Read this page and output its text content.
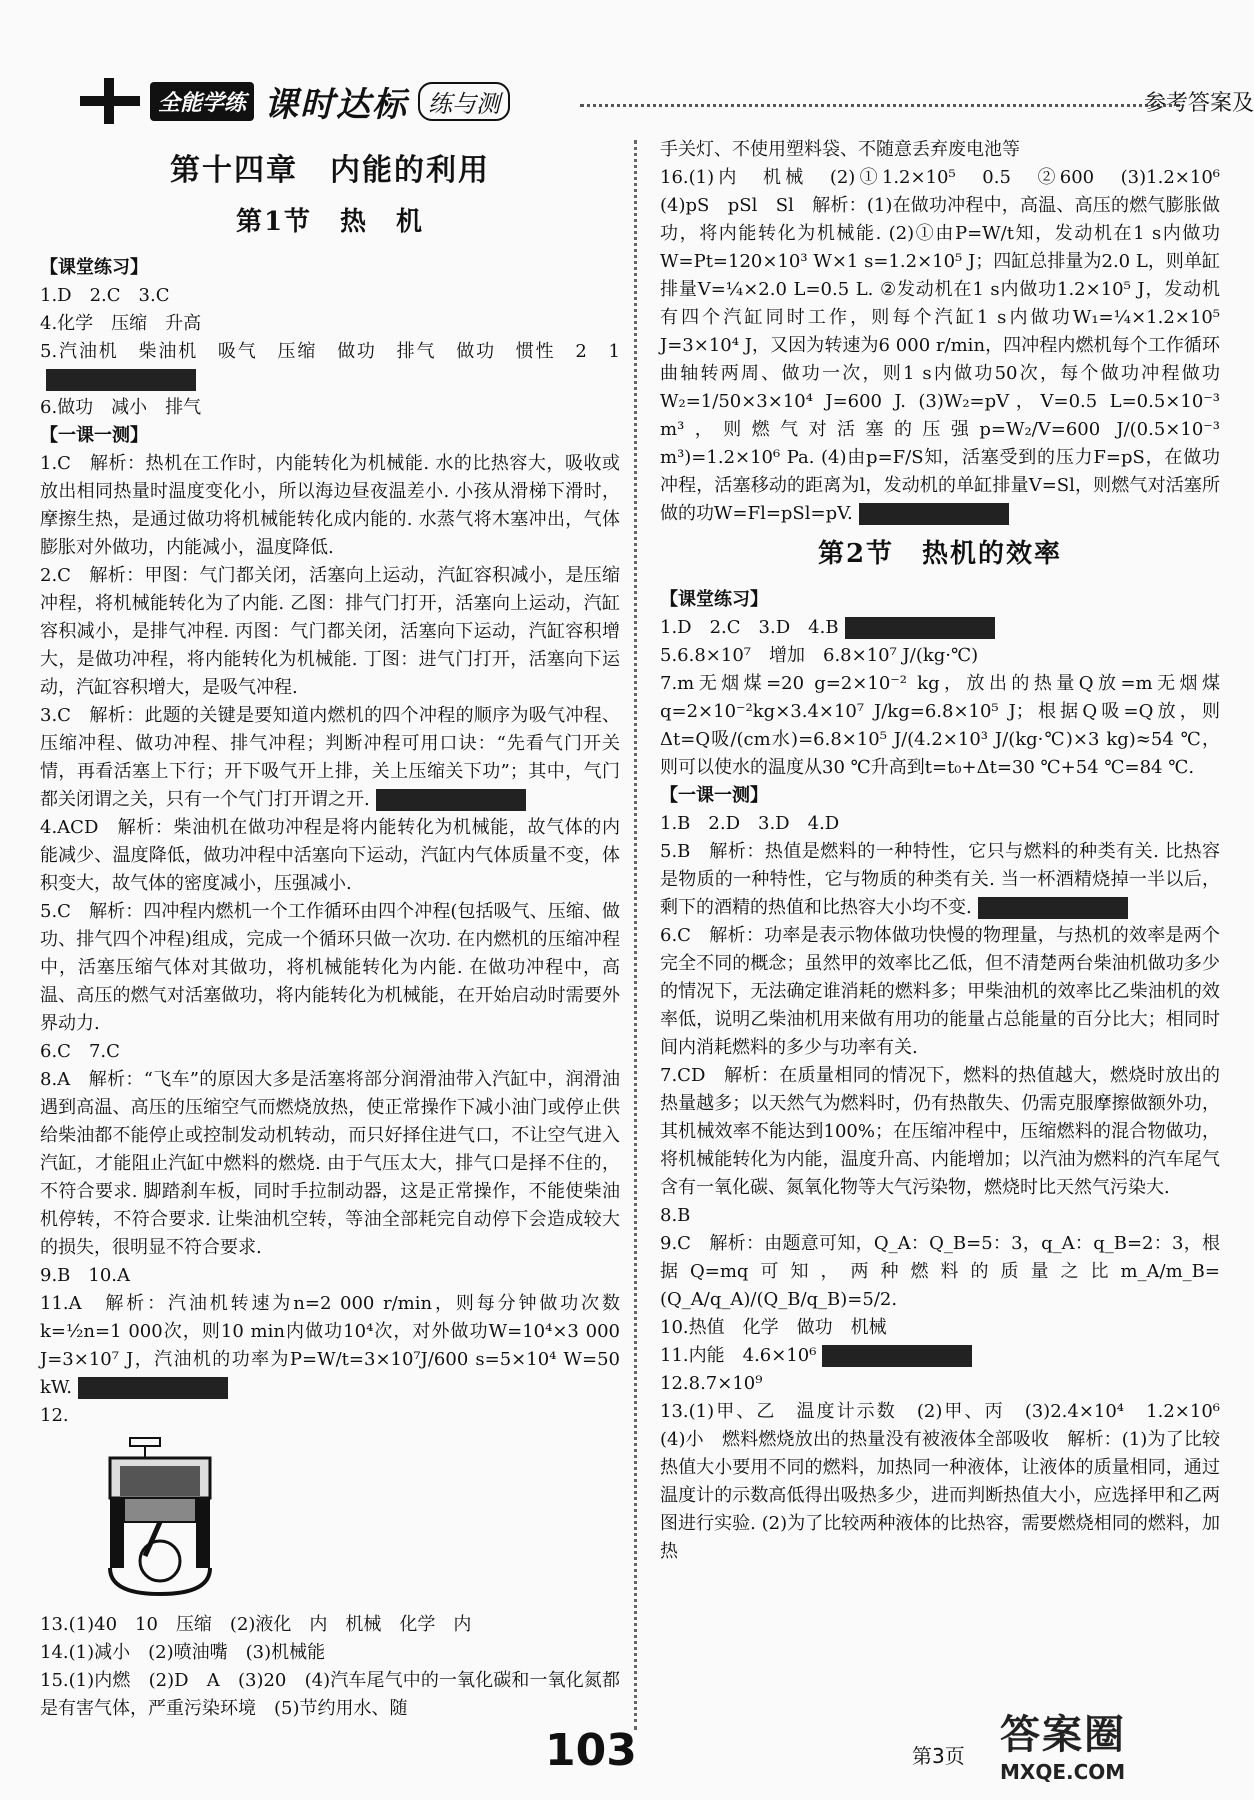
全能学练 课时达标 练与测	参考答案及
第十四章　内能的利用
第1节　热　机
【课堂练习】

1.D　2.C　3.C

4.化学　压缩　升高

5.汽油机　柴油机　吸气　压缩　做功　排气　做功　惯性　2　1

6.做功　减小　排气

【一课一测】

1.C　解析：热机在工作时，内能转化为机械能. 水的比热容大，吸收或放出相同热量时温度变化小，所以海边昼夜温差小. 小孩从滑梯下滑时，摩擦生热，是通过做功将机械能转化成内能的. 水蒸气将木塞冲出，气体膨胀对外做功，内能减小，温度降低.

2.C　解析：甲图：气门都关闭，活塞向上运动，汽缸容积减小，是压缩冲程，将机械能转化为了内能. 乙图：排气门打开，活塞向上运动，汽缸容积减小，是排气冲程. 丙图：气门都关闭，活塞向下运动，汽缸容积增大，是做功冲程，将内能转化为机械能. 丁图：进气门打开，活塞向下运动，汽缸容积增大，是吸气冲程.

3.C　解析：此题的关键是要知道内燃机的四个冲程的顺序为吸气冲程、压缩冲程、做功冲程、排气冲程；判断冲程可用口诀：“先看气门开关情，再看活塞上下行；开下吸气开上排，关上压缩关下功”；其中，气门都关闭谓之关，只有一个气门打开谓之开.

4.ACD　解析：柴油机在做功冲程是将内能转化为机械能，故气体的内能减少、温度降低，做功冲程中活塞向下运动，汽缸内气体质量不变，体积变大，故气体的密度减小，压强减小.

5.C　解析：四冲程内燃机一个工作循环由四个冲程(包括吸气、压缩、做功、排气四个冲程)组成，完成一个循环只做一次功. 在内燃机的压缩冲程中，活塞压缩气体对其做功，将机械能转化为内能. 在做功冲程中，高温、高压的燃气对活塞做功，将内能转化为机械能，在开始启动时需要外界动力.

6.C　7.C

8.A　解析：“飞车”的原因大多是活塞将部分润滑油带入汽缸中，润滑油遇到高温、高压的压缩空气而燃烧放热，使正常操作下减小油门或停止供给柴油都不能停止或控制发动机转动，而只好择住进气口，不让空气进入汽缸，才能阻止汽缸中燃料的燃烧. 由于气压太大，排气口是择不住的，不符合要求. 脚踏刹车板，同时手拉制动器，这是正常操作，不能使柴油机停转，不符合要求. 让柴油机空转，等油全部耗完自动停下会造成较大的损失，很明显不符合要求.

9.B　10.A

11.A　解析：汽油机转速为n=2 000 r/min，则每分钟做功次数k=½n=1 000次，则10 min内做功10⁴次，对外做功W=10⁴×3 000 J=3×10⁷ J，汽油机的功率为P=W/t=3×10⁷J/600 s=5×10⁴ W=50 kW.

12.

13.(1)40　10　压缩　(2)液化　内　机械　化学　内

14.(1)减小　(2)喷油嘴　(3)机械能

15.(1)内燃　(2)D　A　(3)20　(4)汽车尾气中的一氧化碳和一氧化氮都是有害气体，严重污染环境　(5)节约用水、随

手关灯、不使用塑料袋、不随意丢弃废电池等

16.(1)内　机械　(2)①1.2×10⁵　0.5　②600　(3)1.2×10⁶　(4)pS　pSl　Sl　解析：(1)在做功冲程中，高温、高压的燃气膨胀做功，将内能转化为机械能. (2)①由P=W/t知，发动机在1 s内做功W=Pt=120×10³ W×1 s=1.2×10⁵ J；四缸总排量为2.0 L，则单缸排量V=¼×2.0 L=0.5 L. ②发动机在1 s内做功1.2×10⁵ J，发动机有四个汽缸同时工作，则每个汽缸1 s内做功W₁=¼×1.2×10⁵ J=3×10⁴ J，又因为转速为6 000 r/min，四冲程内燃机每个工作循环曲轴转两周、做功一次，则1 s内做功50次，每个做功冲程做功W₂=1/50×3×10⁴ J=600 J. (3)W₂=pV，V=0.5 L=0.5×10⁻³ m³，则燃气对活塞的压强p=W₂/V=600 J/(0.5×10⁻³ m³)=1.2×10⁶ Pa. (4)由p=F/S知，活塞受到的压力F=pS，在做功冲程，活塞移动的距离为l，发动机的单缸排量V=Sl，则燃气对活塞所做的功W=Fl=pSl=pV.

第2节　热机的效率
【课堂练习】

1.D　2.C　3.D　4.B

5.6.8×10⁷　增加　6.8×10⁷ J/(kg·℃)

7.m无烟煤=20 g=2×10⁻² kg，放出的热量Q放=m无烟煤q=2×10⁻²kg×3.4×10⁷ J/kg=6.8×10⁵ J；根据Q吸=Q放，则Δt=Q吸/(cm水)=6.8×10⁵ J/(4.2×10³ J/(kg·℃)×3 kg)≈54 ℃，则可以使水的温度从30 ℃升高到t=t₀+Δt=30 ℃+54 ℃=84 ℃.

【一课一测】

1.B　2.D　3.D　4.D

5.B　解析：热值是燃料的一种特性，它只与燃料的种类有关. 比热容是物质的一种特性，它与物质的种类有关. 当一杯酒精烧掉一半以后，剩下的酒精的热值和比热容大小均不变.

6.C　解析：功率是表示物体做功快慢的物理量，与热机的效率是两个完全不同的概念；虽然甲的效率比乙低，但不清楚两台柴油机做功多少的情况下，无法确定谁消耗的燃料多；甲柴油机的效率比乙柴油机的效率低，说明乙柴油机用来做有用功的能量占总能量的百分比大；相同时间内消耗燃料的多少与功率有关.

7.CD　解析：在质量相同的情况下，燃料的热值越大，燃烧时放出的热量越多；以天然气为燃料时，仍有热散失、仍需克服摩擦做额外功，其机械效率不能达到100%；在压缩冲程中，压缩燃料的混合物做功，将机械能转化为内能，温度升高、内能增加；以汽油为燃料的汽车尾气含有一氧化碳、氮氧化物等大气污染物，燃烧时比天然气污染大.

8.B

9.C　解析：由题意可知，Q_A：Q_B=5：3，q_A：q_B=2：3，根据Q=mq可知，两种燃料的质量之比m_A/m_B=(Q_A/q_A)/(Q_B/q_B)=5/2.

10.热值　化学　做功　机械

11.内能　4.6×10⁶

12.8.7×10⁹

13.(1)甲、乙　温度计示数　(2)甲、丙　(3)2.4×10⁴　1.2×10⁶　(4)小　燃料燃烧放出的热量没有被液体全部吸收　解析：(1)为了比较热值大小要用不同的燃料，加热同一种液体，让液体的质量相同，通过温度计的示数高低得出吸热多少，进而判断热值大小，应选择甲和乙两图进行实验. (2)为了比较两种液体的比热容，需要燃烧相同的燃料，加热

103	第3页 答案圈
MXQE.COM
